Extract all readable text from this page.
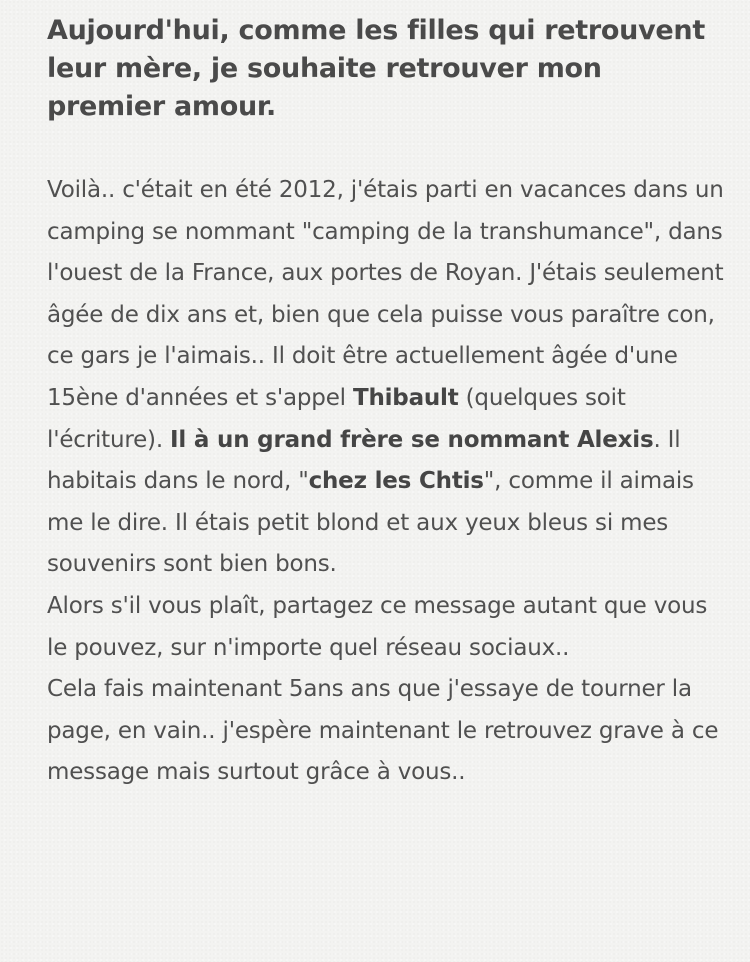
Aujourd'hui, comme les filles qui retrouvent leur mère, je souhaite retrouver mon premier amour.

Voilà.. c'était en été 2012, j'étais parti en vacances dans un camping se nommant "camping de la transhumance", dans l'ouest de la France, aux portes de Royan. J'étais seulement âgée de dix ans et, bien que cela puisse vous paraître con, ce gars je l'aimais.. Il doit être actuellement âgée d'une 15ène d'années et s'appel Thibault (quelques soit l'écriture). Il à un grand frère se nommant Alexis. Il habitais dans le nord, "chez les Chtis", comme il aimais me le dire. Il étais petit blond et aux yeux bleus si mes souvenirs sont bien bons.

Alors s'il vous plaît, partagez ce message autant que vous le pouvez, sur n'importe quel réseau sociaux..

Cela fais maintenant 5ans ans que j'essaye de tourner la page, en vain.. j'espère maintenant le retrouvez grave à ce message mais surtout grâce à vous..
